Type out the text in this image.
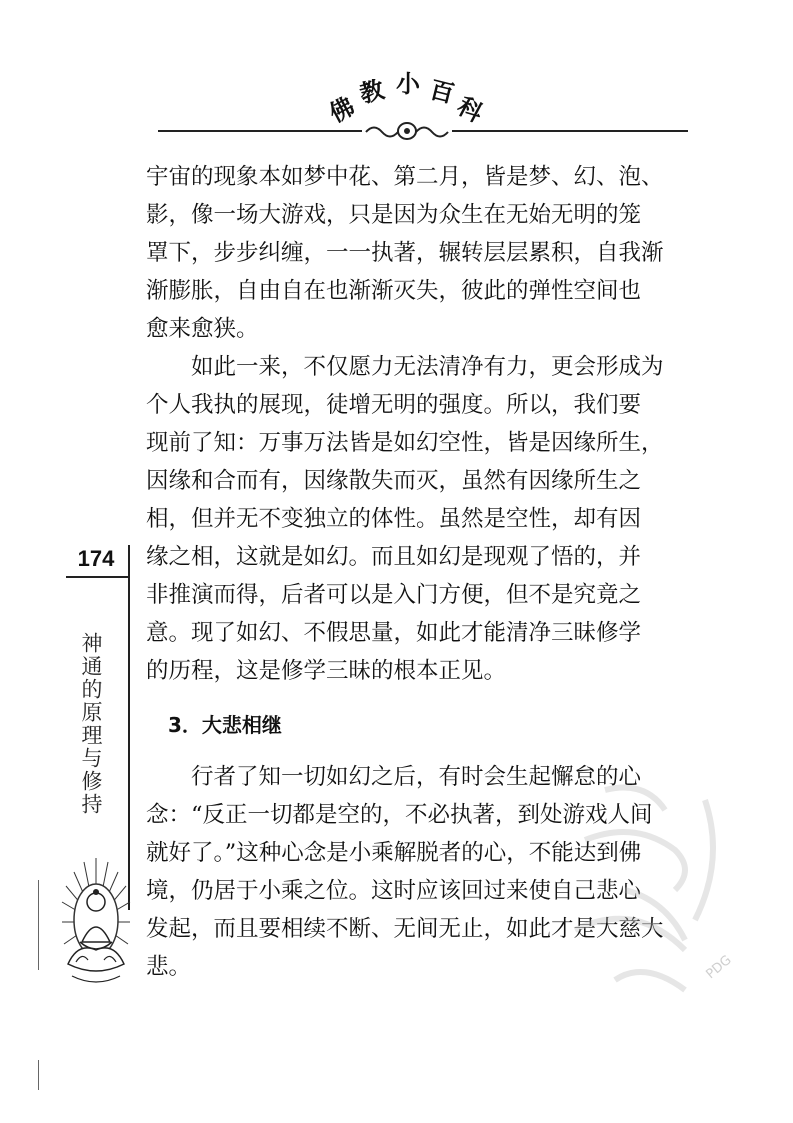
佛
教 小 百
科
宇宙的现象本如梦中花、第二月，皆是梦、幻、泡、
影，像一场大游戏，只是因为众生在无始无明的笼
罩下，步步纠缠，一一执著，辗转层层累积，自我渐
渐膨胀，自由自在也渐渐灭失，彼此的弹性空间也
愈来愈狭。
如此一来，不仅愿力无法清净有力，更会形成为
个人我执的展现，徒增无明的强度。所以，我们要
现前了知：万事万法皆是如幻空性，皆是因缘所生，
因缘和合而有，因缘散失而灭，虽然有因缘所生之
相，但并无不变独立的体性。虽然是空性，却有因
缘之相，这就是如幻。而且如幻是现观了悟的，并
非推演而得，后者可以是入门方便，但不是究竟之
意。现了如幻、不假思量，如此才能清净三昧修学
的历程，这是修学三昧的根本正见。
3．大悲相继
行者了知一切如幻之后，有时会生起懈怠的心
念：“反正一切都是空的，不必执著，到处游戏人间
就好了。”这种心念是小乘解脱者的心，不能达到佛
境，仍居于小乘之位。这时应该回过来使自己悲心
发起，而且要相续不断、无间无止，如此才是大慈大
悲。
174
神通的原理与修持
PDG
